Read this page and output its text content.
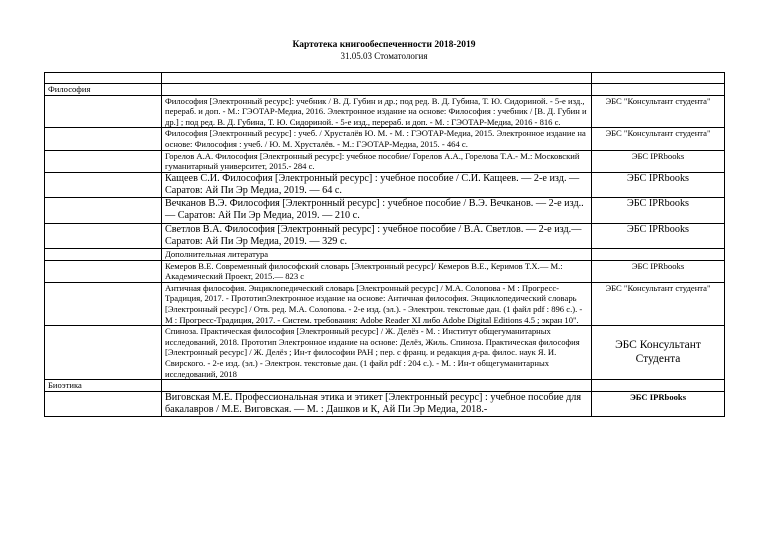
Картотека книгообеспеченности 2018-2019
31.05.03 Стоматология

Философия		
	Философия [Электронный ресурс]: учебник / В. Д. Губин и др.; под ред. В. Д. Губина, Т. Ю. Сидориной. - 5-е изд., перераб. и доп. - М.: ГЭОТАР-Медиа, 2016. Электронное издание на основе: Философия : учебник / [В. Д. Губин и др.] ; под ред. В. Д. Губина, Т. Ю. Сидориной. - 5-е изд., перераб. и доп. - М. : ГЭОТАР-Медиа, 2016 - 816 с.	ЭБС "Консультант студента"
	Философия [Электронный ресурс] : учеб. / Хрусталёв Ю. М. - М. : ГЭОТАР-Медиа, 2015. Электронное издание на основе: Философия : учеб. / Ю. М. Хрусталёв. - М.: ГЭОТАР-Медиа, 2015. - 464 с.	ЭБС "Консультант студента"
	Горелов А.А. Философия [Электронный ресурс]: учебное пособие/ Горелов А.А., Горелова Т.А.- М.: Московский гуманитарный университет, 2015.- 284 c.	ЭБС IPRbooks
	Кащеев С.И. Философия [Электронный ресурс] : учебное пособие / С.И. Кащеев. — 2-е изд. — Саратов: Ай Пи Эр Медиа, 2019. — 64 c.	ЭБС IPRbooks
	Вечканов В.Э. Философия [Электронный ресурс] : учебное пособие / В.Э. Вечканов. — 2-е изд.. — Саратов: Ай Пи Эр Медиа, 2019. — 210 c.	ЭБС IPRbooks
	Светлов В.А. Философия [Электронный ресурс] : учебное пособие / В.А. Светлов. — 2-е изд.— Саратов: Ай Пи Эр Медиа, 2019. — 329 c.	ЭБС IPRbooks
	Дополнительная литература	
	Кемеров В.Е. Современный философский словарь [Электронный ресурс]/ Кемеров В.Е., Керимов Т.Х.— М.: Академический Проект, 2015.— 823 c	ЭБС IPRbooks
	Античная философия. Энциклопедический словарь [Электронный ресурс] / М.А. Солопова - М : Прогресс-Традиция, 2017. - ПрототипЭлектронное издание на основе: Античная философия. Энциклопедический словарь [Электронный ресурс] / Отв. ред. М.А. Солопова. - 2-е изд. (эл.). - Электрон. текстовые дан. (1 файл pdf : 896 с.). - М : Прогресс-Традиция, 2017. - Систем. требования: Adobe Reader XI либо Adobe Digital Editions 4.5 ; экран 10".	ЭБС "Консультант студента"
	Спиноза. Практическая философия [Электронный ресурс] / Ж. Делёз - М. : Институт общегуманитарных исследований, 2018. Прототип Электронное издание на основе: Делёз, Жиль. Спиноза. Практическая философия [Электронный ресурс] / Ж. Делёз ; Ин-т философии РАН ; пер. с франц. и редакция д-ра. филос. наук Я. И. Свирского. - 2-е изд. (эл.) - Электрон. текстовые дан. (1 файл pdf : 204 с.). - М. : Ин-т общегуманитарных исследований, 2018	ЭБС Консультант Студента
Биоэтика		
	Виговская М.Е. Профессиональная этика и этикет [Электронный ресурс] : учебное пособие для бакалавров / М.Е. Виговская. — М. : Дашков и К, Ай Пи Эр Медиа, 2018.-	ЭБС IPRbooks
